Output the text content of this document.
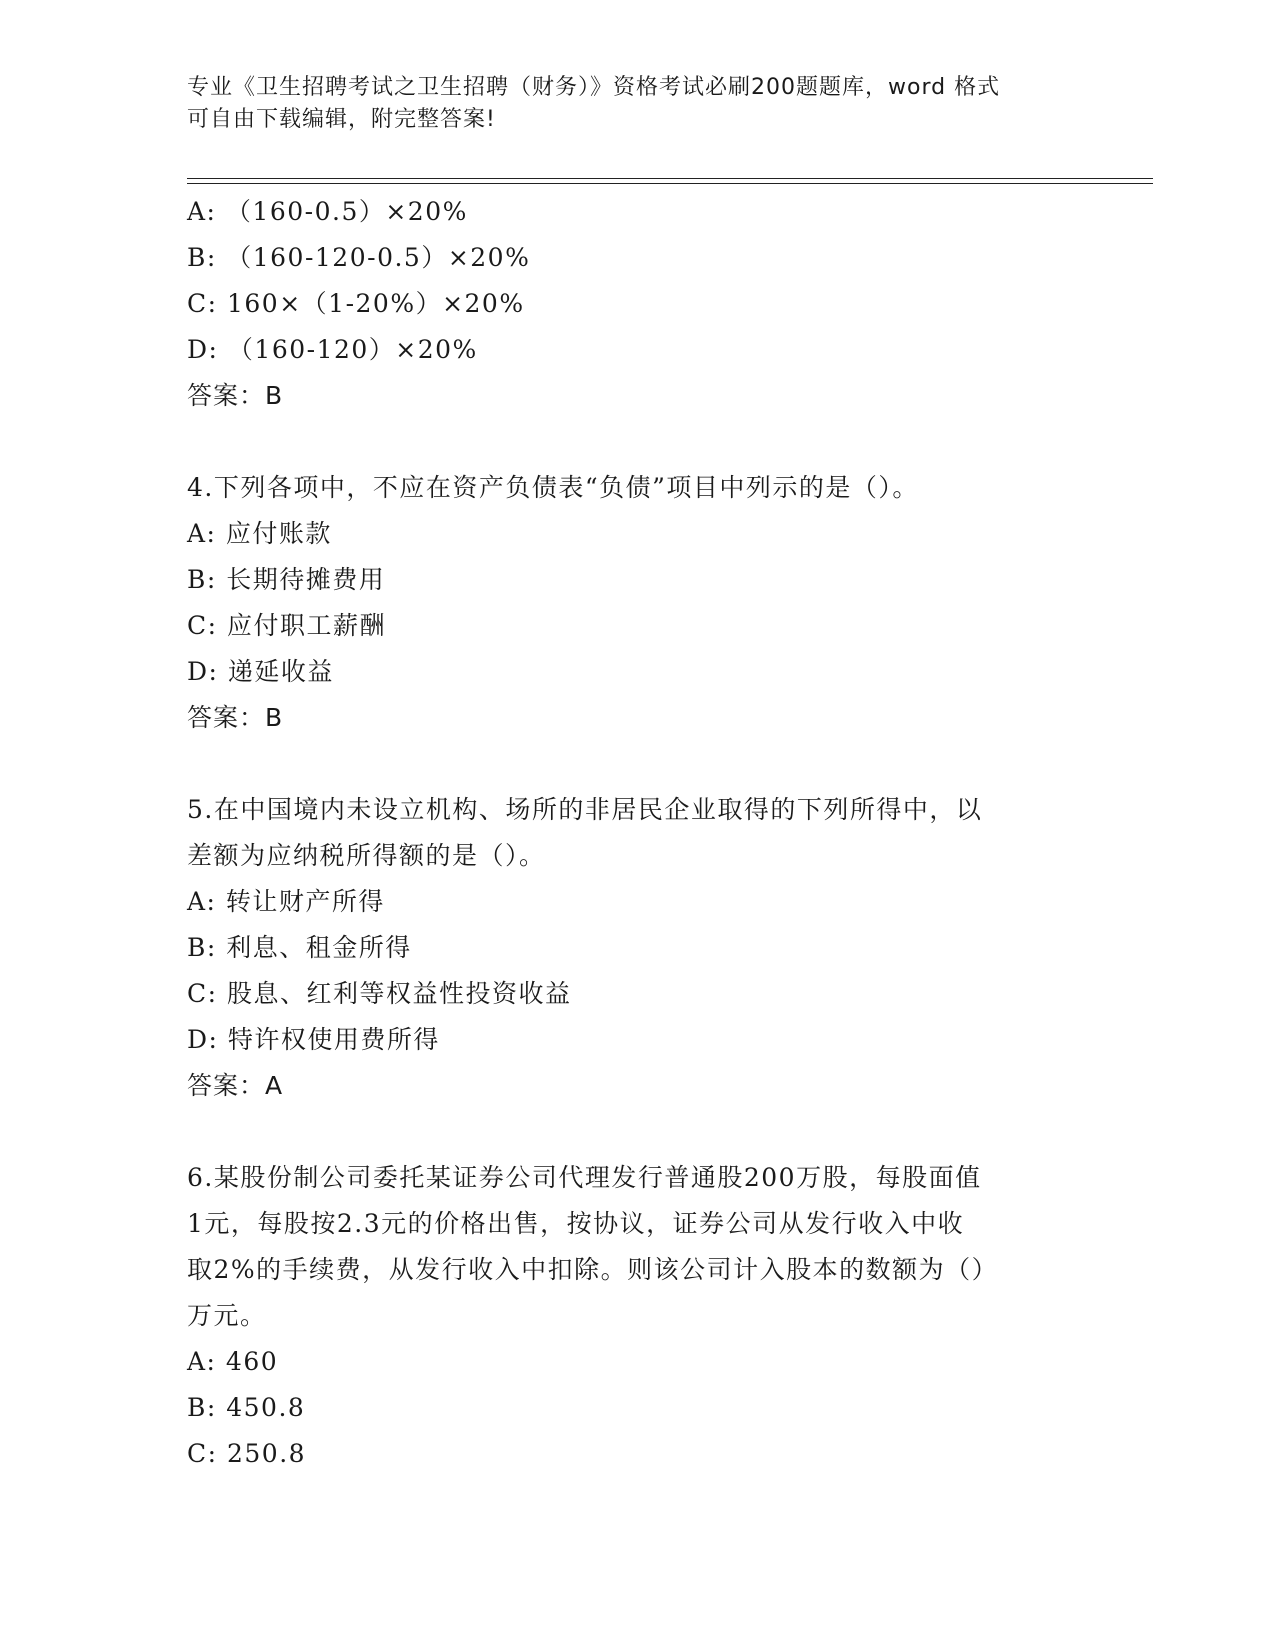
专业《卫生招聘考试之卫生招聘（财务）》资格考试必刷200题题库，word 格式
可自由下载编辑，附完整答案!
A: （160-0.5）×20%
B: （160-120-0.5）×20%
C: 160×（1-20%）×20%
D: （160-120）×20%
答案：B
4.下列各项中，不应在资产负债表“负债”项目中列示的是（）。
A: 应付账款
B: 长期待摊费用
C: 应付职工薪酬
D: 递延收益
答案：B
5.在中国境内未设立机构、场所的非居民企业取得的下列所得中，以
差额为应纳税所得额的是（）。
A: 转让财产所得
B: 利息、租金所得
C: 股息、红利等权益性投资收益
D: 特许权使用费所得
答案：A
6.某股份制公司委托某证券公司代理发行普通股200万股，每股面值
1元，每股按2.3元的价格出售，按协议，证券公司从发行收入中收
取2%的手续费，从发行收入中扣除。则该公司计入股本的数额为（）
万元。
A: 460
B: 450.8
C: 250.8
